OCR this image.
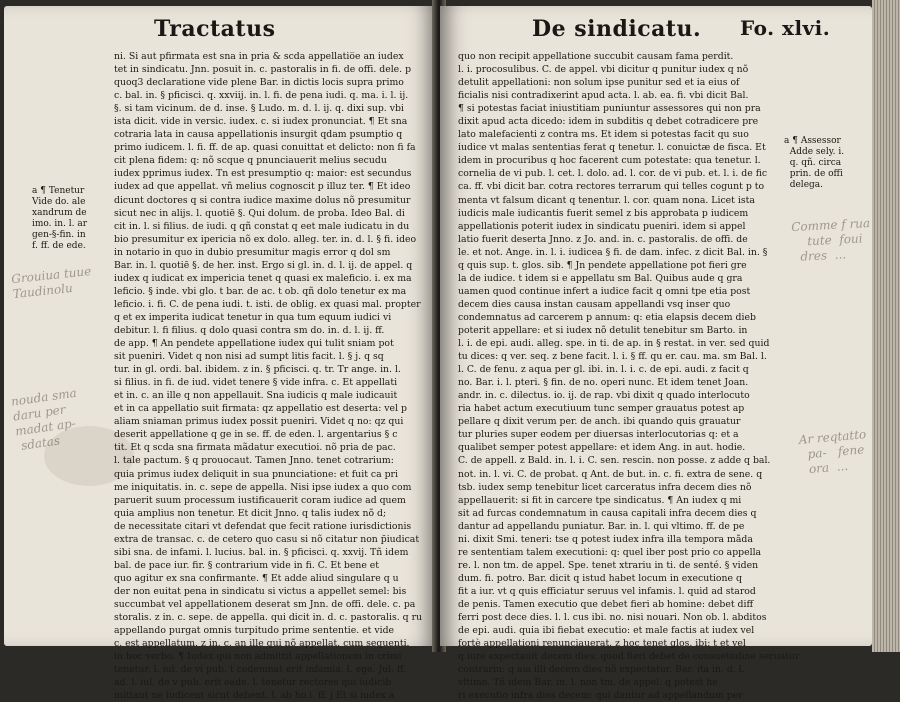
Tractatus
a ¶ Tenetur
Vide do. ale
xandrum de
imo. in. l. ar
gen-§-fin. in
f. ff. de ede.
Grouiua tuue
Taudinolu
nouda sma
daru per
madat ap-
sdatas
ni. Si aut pfirmata est sna in pria & scda appellatio̅e an iudex
tet in sindicatu. Jnn. posuit in. c. pastoralis in fi. de offi. dele. p
quoq3 declaratione vide plene Bar. in dictis locis supra primo
c. bal. in. § pficisci. q. xxviij. in. l. fi. de pena iudi. q. ma. i. l. ij.
§. si tam vicinum. de d. inse. § Ludo. m. d. l. ij. q. dixi sup. vbi
ista dicit. vide in versic. iudex. c. si iudex pronunciat. ¶ Et sna
cotraria lata in causa appellationis insurgit qdam psumptio q
primo iudicem. l. fi. ff. de ap. quasi conuittat et delicto: non fi fa
cit plena fidem: q: nõ scque q pnunciauerit melius secudu
iudex pprimus iudex. Tn est presumptio q: maior: est secundus
iudex ad que appellat. vñ melius cognoscit p illuz ter. ¶ Et ideo
dicunt doctores q si contra iudice maxime dolus nõ presumitur
sicut nec in alijs. l. quotiē §. Qui dolum. de proba. Ideo Bal. di
cit in. l. si filius. de iudi. q qñ constat q eet male iudicatu in du
bio presumitur ex ipericia nõ ex dolo. alleg. ter. in. d. l. § fi. ideo
in notario in quo in dubio presumitur magis error q dol sm
Bar. in. l. quotiē §. de her. inst. Ergo si gl. in. d. l. ij. de appel. q
iudex q iudicat ex impericia tenet q quasi ex maleficio. i. ex ma
leficio. § inde. vbi glo. t bar. de ac. t ob. qñ dolo tenetur ex ma
leficio. i. fi. C. de pena iudi. t. isti. de oblig. ex quasi mal. propter
q et ex imperita iudicat tenetur in qua tum equum iudici vi
debitur. l. fi filius. q dolo quasi contra sm do. in. d. l. ij. ff.
de app. ¶ An pendete appellatione iudex qui tulit sniam pot
sit pueniri. Videt q non nisi ad sumpt litis facit. l. § j. q sq
tur. in gl. ordi. bal. ibidem. z in. § pficisci. q. tr. Tr ange. in. l.
si filius. in fi. de iud. videt tenere § vide infra. c. Et appellati
et in. c. an ille q non appellauit. Sna iudicis q male iudicauit
et in ca appellatio suit firmata: qz appellatio est deserta: vel p
aliam sniaman primus iudex possit pueniri. Videt q no: qz qui
deserit appellatione q ge in se. ff. de eden. l. argentarius § c
tit. Et q scda sna firmata mãdatur executioi. nõ pria de pac.
l. tale pactum. § q prouocaut. Tamen Jnno. tenet cotrarium:
quia primus iudex deliquit in sua pnunciatione: et fuit ca pri
me iniquitatis. in. c. sepe de appella. Nisi ipse iudex a quo com
paruerit suum processum iustificauerit coram iudice ad quem
quia amplius non tenetur. Et dicit Jnno. q talis iudex nõ d;
de necessitate citari vt defendat que fecit ratione iurisdictionis
extra de transac. c. de cetero quo casu si nõ citatur non p̄iudicat
sibi sna. de infami. l. lucius. bal. in. § pficisci. q. xxvij. Tñ idem
bal. de pace iur. fir. § contrarium vide in fi. C. Et bene et
quo agitur ex sna confirmante. ¶ Et adde aliud singulare q u
der non euitat pena in sindicatu si victus a appellet semel: bis
succumbat vel appellationem deserat sm Jnn. de offi. dele. c. pa
storalis. z in. c. sepe. de appella. qui dicit in. d. c. pastoralis. q ru
appellando purgat omnis turpitudo prime sententie. et vide
c. est appellatum. z in. c. an ille qui nõ appellat. cum sequenti.
in hoc verbo. ¶ Iudex qui non admittit appellationem in crimi
tenetur. l. iul. de vi pub. t codemnat erit infamia. l. ege. Jul. ff.
ad. l. iul. de v pub. erit eade. l. tenetur rectores qui iudicib
mittant ne iudicent sicut debent. l. ab ho.i. ff. j Et si iudex a
De sindicatu. Fo. xlvi.
a ¶ Assessor
Adde sely. i.
q. qñ. circa
prin. de offi
delega.
Comme f rua
tute  foui
dres  ...
Ar reqtatto
pa-   fene
ora  ...
quo non recipit appellatione succubit causam fama perdit.
l. i. procosulibus. C. de appel. vbi dicitur q punitur iudex q nõ
detulit appellationi: non solum ipse punitur sed et ia eius of
ficialis nisi contradixerint apud acta. l. ab. ea. fi. vbi dicit Bal.
¶ si potestas faciat iniustitiam puniuntur assessores qui non pra
dixit apud acta dicedo: idem in subditis q debet cotradicere pre
lato malefacienti z contra ms. Et idem si potestas facit qu suo
iudice vt malas sententias ferat q tenetur. l. conuictæ de fisca. Et
idem in procuribus q hoc facerent cum potestate: qua tenetur. l.
cornelia de vi pub. l. cet. l. dolo. ad. l. cor. de vi pub. et. l. i. de fic
ca. ff. vbi dicit bar. cotra rectores terrarum qui telles cogunt p to
menta vt falsum dicant q tenentur. l. cor. quam nona. Licet ista
iudicis male iudicantis fuerit semel z bis approbata p iudicem
appellationis poterit iudex in sindicatu pueniri. idem si appel
latio fuerit deserta Jnno. z Jo. and. in. c. pastoralis. de offi. de
le. et not. Ange. in. l. i. iudicea § fi. de dam. infec. z dicit Bal. in. §
q quis sup. t. glos. sib. ¶ Jn pendete appellatione pot fieri gre
la de iudice. t idem si e appellatu sm Bal. Quibus aude q gra
uamen quod continue infert a iudice facit q omni tpe etia post
decem dies causa instan causam appellandi vsq inser quo
condemnatus ad carcerem p annum: q: etia elapsis decem dieb
poterit appellare: et si iudex nõ detulit tenebitur sm Barto. in
l. i. de epi. audi. alleg. spe. in ti. de ap. in § restat. in ver. sed quid
tu dices: q ver. seq. z bene facit. l. i. § ff. qu er. cau. ma. sm Bal. l.
l. C. de fenu. z aqua per gl. ibi. in. l. i. c. de epi. audi. z facit q
no. Bar. i. l. pteri. § fin. de no. operi nunc. Et idem tenet Joan.
andr. in. c. dilectus. io. ij. de rap. vbi dixit q quado interlocuto
ria habet actum executiuum tunc semper grauatus potest ap
pellare q dixit verum per. de anch. ibi quando quis grauatur
tur pluries super eodem per diuersas interlocutorias q: et a
qualibet semper potest appellare: et idem Ang. in aut. hodie.
C. de appell. z Bald. in. l. i. C. sen. rescin. non posse. z adde q bal.
not. in. l. vi. C. de probat. q Ant. de but. in. c. fi. extra de sene. q
tsb. iudex semp tenebitur licet carceratus infra decem dies nõ
appellauerit: si fit in carcere tpe sindicatus. ¶ An iudex q mi
sit ad furcas condemnatum in causa capitali infra decem dies q
dantur ad appellandu puniatur. Bar. in. l. qui vltimo. ff. de pe
ni. dixit Smi. teneri: tse q potest iudex infra illa tempora mãda
re sententiam talem executioni: q: quel iber post prio co appella
re. l. non tm. de appel. Spe. tenet xtrariu in ti. de senté. § viden
dum. fi. potro. Bar. dicit q istud habet locum in executione q
fit a iur. vt q quis efficiatur seruus vel infamis. l. quid ad starod
de penis. Tamen executio que debet fieri ab homine: debet diff
ferri post dece dies. l. l. cus ibi. no. nisi nouari. Non ob. l. abditos
de epi. audi. quia ibi fiebat executio: et male factis at iudex vel
fortè appellationi renunciauerat. z hoc tenet glos. ibi: t et vel
q iure expectauit decem dies: quod fieri debet de consuetudine seruatur
contrariu: q aia illi decem dies nõ expectatur. Bar. ita in. d. l.
vltimo. Tñ idem Bar. in. l. non tm. de appel. q potest he
ri executio infra dies decem: qui dantur ad appellandum per
